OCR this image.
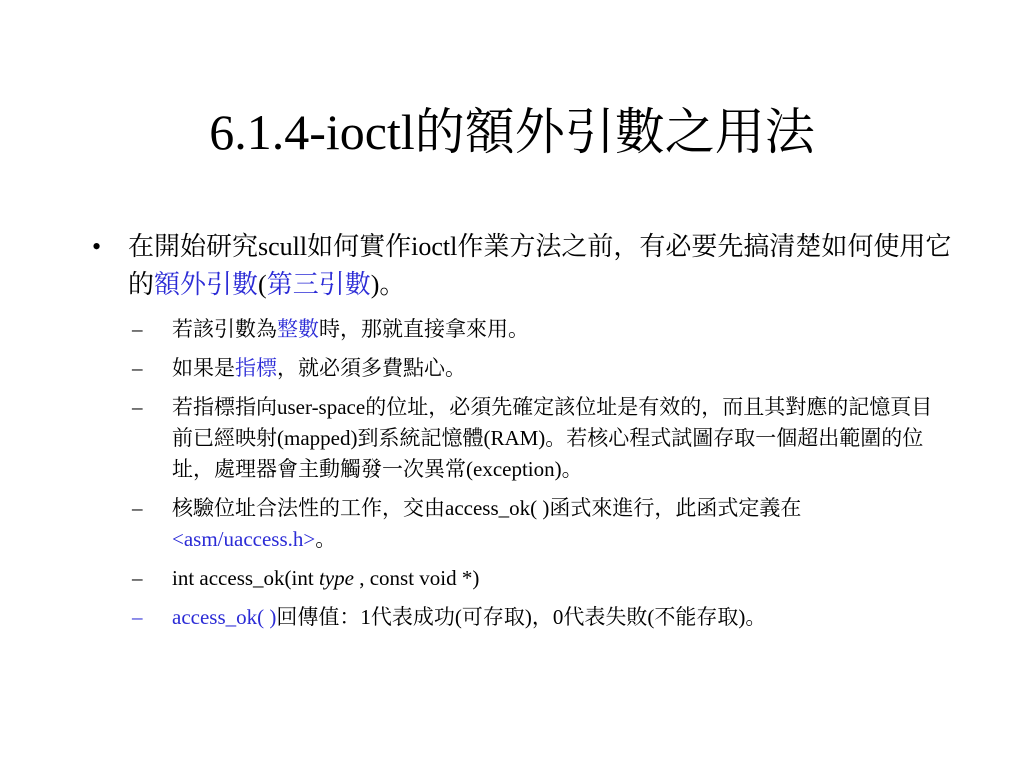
6.1.4-ioctl的額外引數之用法
•	在開始研究scull如何實作ioctl作業方法之前，有必要先搞清楚如何使用它的額外引數(第三引數)。
–	若該引數為整數時，那就直接拿來用。
–	如果是指標，就必須多費點心。
–	若指標指向user-space的位址，必須先確定該位址是有效的，而且其對應的記憶頁目前已經映射(mapped)到系統記憶體(RAM)。若核心程式試圖存取一個超出範圍的位址，處理器會主動觸發一次異常(exception)。
–	核驗位址合法性的工作，交由access_ok( )函式來進行，此函式定義在<asm/uaccess.h>。
–	int access_ok(int type , const void *)
–	access_ok( )回傳值：1代表成功(可存取)，0代表失敗(不能存取)。
